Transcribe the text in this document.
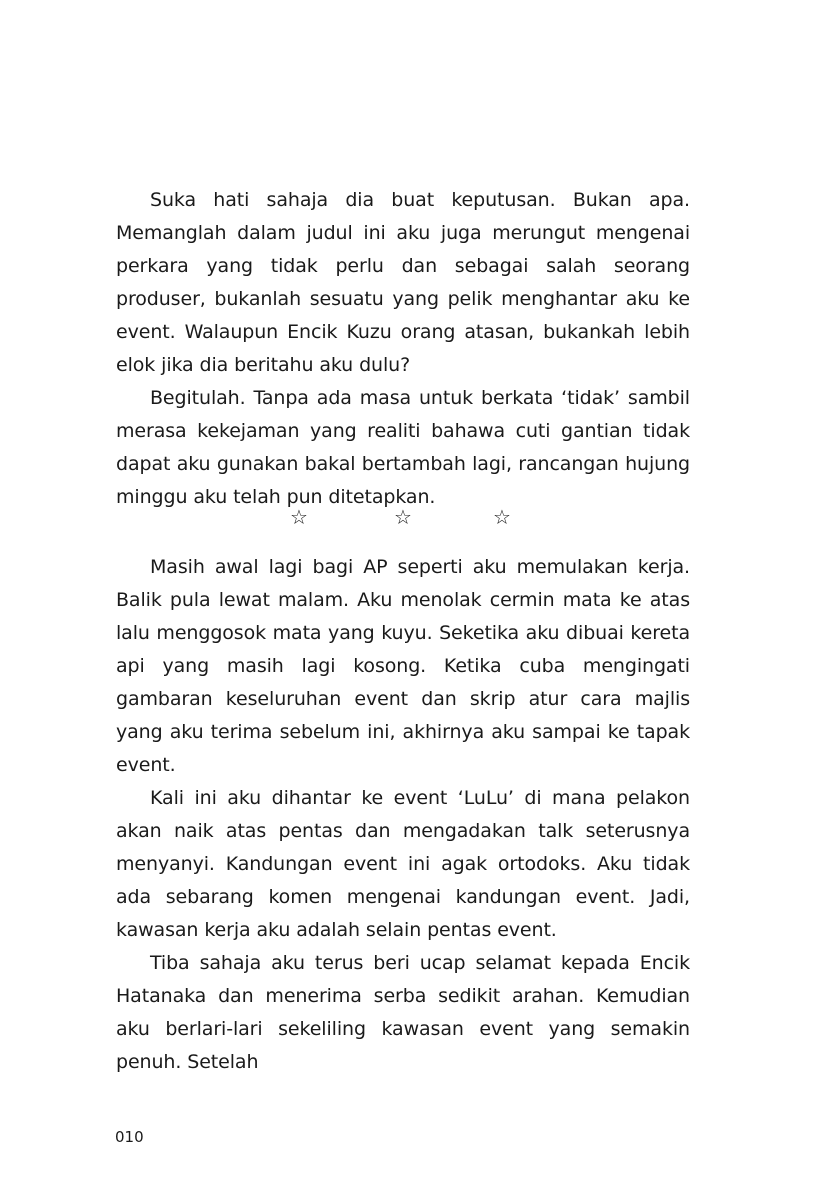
Suka hati sahaja dia buat keputusan. Bukan apa. Memanglah dalam judul ini aku juga merungut mengenai perkara yang tidak perlu dan sebagai salah seorang produser, bukanlah sesuatu yang pelik menghantar aku ke event. Walaupun Encik Kuzu orang atasan, bukankah lebih elok jika dia beritahu aku dulu?

Begitulah. Tanpa ada masa untuk berkata ‘tidak’ sambil merasa kekejaman yang realiti bahawa cuti gantian tidak dapat aku gunakan bakal bertambah lagi, rancangan hujung minggu aku telah pun ditetapkan.

☆	☆	☆

Masih awal lagi bagi AP seperti aku memulakan kerja. Balik pula lewat malam. Aku menolak cermin mata ke atas lalu menggosok mata yang kuyu. Seketika aku dibuai kereta api yang masih lagi kosong. Ketika cuba mengingati gambaran keseluruhan event dan skrip atur cara majlis yang aku terima sebelum ini, akhirnya aku sampai ke tapak event.

Kali ini aku dihantar ke event ‘LuLu’ di mana pelakon akan naik atas pentas dan mengadakan talk seterusnya menyanyi. Kandungan event ini agak ortodoks. Aku tidak ada sebarang komen mengenai kandungan event. Jadi, kawasan kerja aku adalah selain pentas event.

Tiba sahaja aku terus beri ucap selamat kepada Encik Hatanaka dan menerima serba sedikit arahan. Kemudian aku berlari-lari sekeliling kawasan event yang semakin penuh. Setelah

010
